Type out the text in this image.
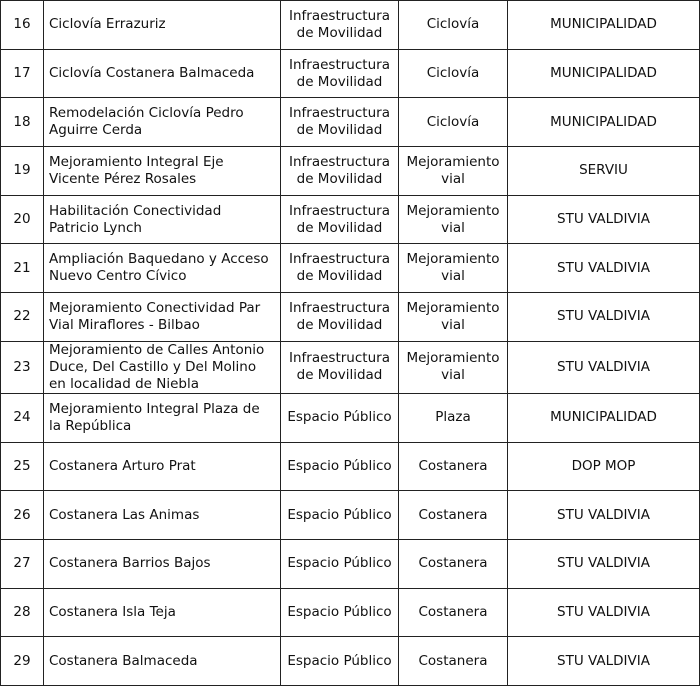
16	Ciclovía Errazuriz	Infraestructura de Movilidad	Ciclovía	MUNICIPALIDAD
17	Ciclovía Costanera Balmaceda	Infraestructura de Movilidad	Ciclovía	MUNICIPALIDAD
18	Remodelación Ciclovía Pedro Aguirre Cerda	Infraestructura de Movilidad	Ciclovía	MUNICIPALIDAD
19	Mejoramiento Integral Eje Vicente Pérez Rosales	Infraestructura de Movilidad	Mejoramiento vial	SERVIU
20	Habilitación Conectividad Patricio Lynch	Infraestructura de Movilidad	Mejoramiento vial	STU VALDIVIA
21	Ampliación Baquedano y Acceso Nuevo Centro Cívico	Infraestructura de Movilidad	Mejoramiento vial	STU VALDIVIA
22	Mejoramiento Conectividad Par Vial Miraflores - Bilbao	Infraestructura de Movilidad	Mejoramiento vial	STU VALDIVIA
23	Mejoramiento de Calles Antonio Duce, Del Castillo y Del Molino en localidad de Niebla	Infraestructura de Movilidad	Mejoramiento vial	STU VALDIVIA
24	Mejoramiento Integral Plaza de la República	Espacio Público	Plaza	MUNICIPALIDAD
25	Costanera Arturo Prat	Espacio Público	Costanera	DOP MOP
26	Costanera Las Animas	Espacio Público	Costanera	STU VALDIVIA
27	Costanera Barrios Bajos	Espacio Público	Costanera	STU VALDIVIA
28	Costanera Isla Teja	Espacio Público	Costanera	STU VALDIVIA
29	Costanera Balmaceda	Espacio Público	Costanera	STU VALDIVIA
